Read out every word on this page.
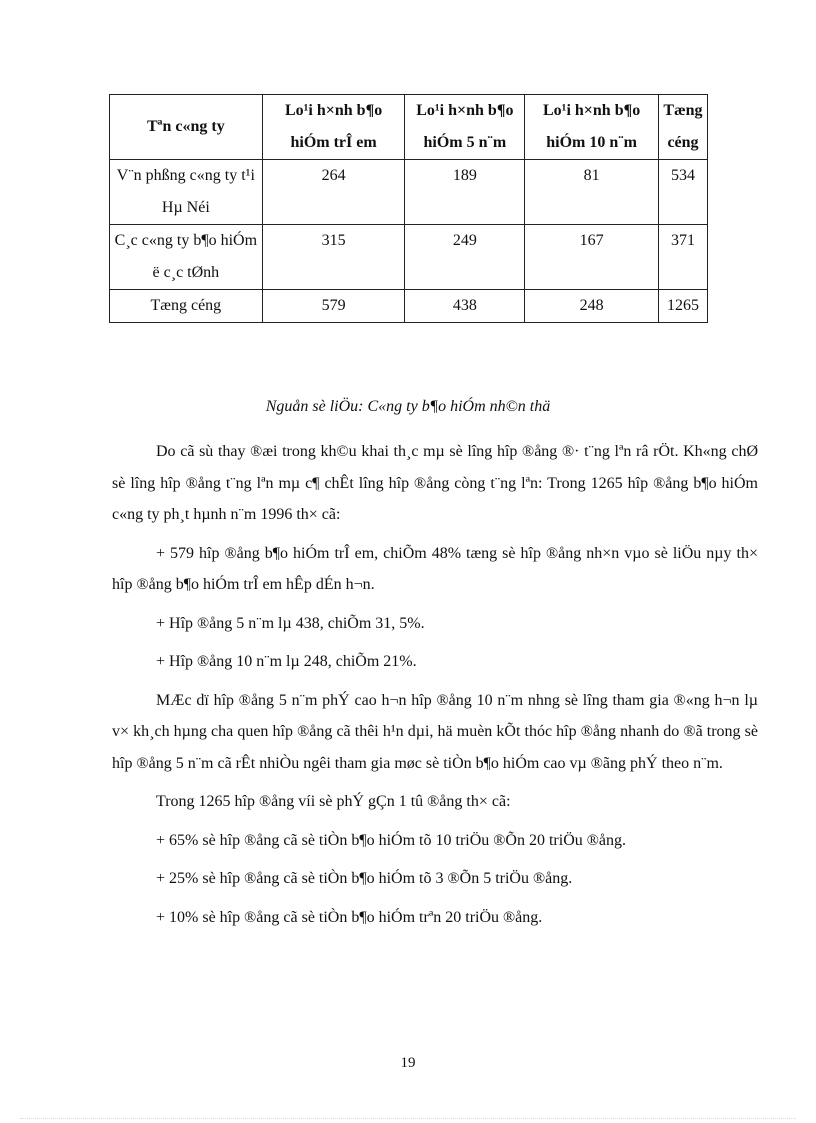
Tªn c«ng ty	Lo¹i h×nh b¶o hiÓm trÎ em	Lo¹i h×nh b¶o hiÓm 5 n¨m	Lo¹i h×nh b¶o hiÓm 10 n¨m	Tæng céng
V¨n phßng c«ng ty t¹i Hµ Néi	264	189	81	534
C¸c c«ng ty b¶o hiÓm ë c¸c tØnh	315	249	167	371
Tæng céng	579	438	248	1265
Nguån sè liÖu: C«ng ty b¶o hiÓm nh©n thä

Do cã sù thay ®æi trong kh©u khai th¸c mµ sè lîng hîp ®ång ®· t¨ng lªn râ rÖt. Kh«ng chØ sè lîng hîp ®ång t¨ng lªn mµ c¶ chÊt lîng hîp ®ång còng t¨ng lªn: Trong 1265 hîp ®ång b¶o hiÓm c«ng ty ph¸t hµnh n¨m 1996 th× cã:

+ 579 hîp ®ång b¶o hiÓm trÎ em, chiÕm 48% tæng sè hîp ®ång nh×n vµo sè liÖu nµy th× hîp ®ång b¶o hiÓm trÎ em hÊp dÉn h¬n.

+ Hîp ®ång 5 n¨m lµ 438, chiÕm 31, 5%.

+ Hîp ®ång 10 n¨m lµ 248, chiÕm 21%.

MÆc dï hîp ®ång 5 n¨m phÝ cao h¬n hîp ®ång 10 n¨m nhng sè lîng tham gia ®«ng h¬n lµ v× kh¸ch hµng cha quen hîp ®ång cã thêi h¹n dµi, hä muèn kÕt thóc hîp ®ång nhanh do ®ã trong sè hîp ®ång 5 n¨m cã rÊt nhiÒu ngêi tham gia møc sè tiÒn b¶o hiÓm cao vµ ®ãng phÝ theo n¨m.

Trong 1265 hîp ®ång víi sè phÝ gÇn 1 tû ®ång th× cã:

+ 65% sè hîp ®ång cã sè tiÒn b¶o hiÓm tõ 10 triÖu ®Õn 20 triÖu ®ång.

+ 25% sè hîp ®ång cã sè tiÒn b¶o hiÓm tõ 3 ®Õn 5 triÖu ®ång.

+ 10% sè hîp ®ång cã sè tiÒn b¶o hiÓm trªn 20 triÖu ®ång.

19
